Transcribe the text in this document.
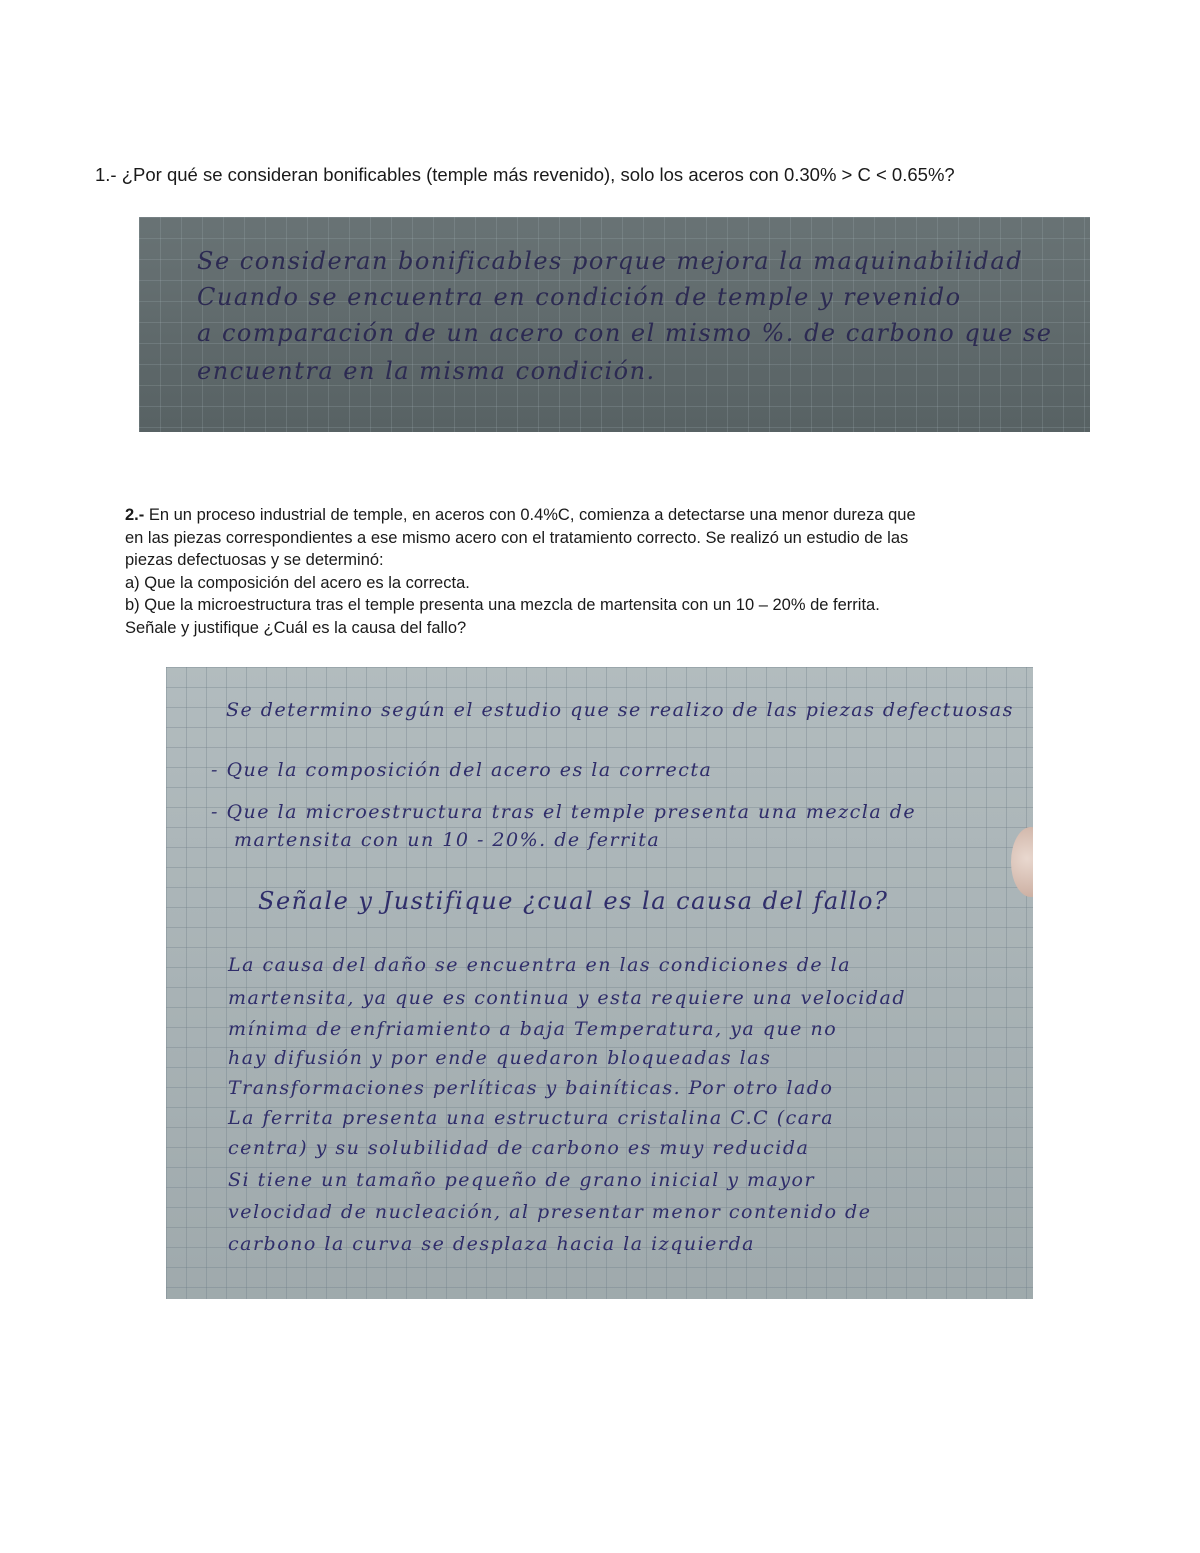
1.- ¿Por qué se consideran bonificables (temple más revenido), solo los aceros con 0.30% > C < 0.65%?

Se consideran bonificables porque mejora la maquinabilidad

Cuando se encuentra en condición de temple y revenido

a comparación de un acero con el mismo %. de carbono que se

encuentra en la misma condición.

2.- En un proceso industrial de temple, en aceros con 0.4%C, comienza a detectarse una menor dureza que
en las piezas correspondientes a ese mismo acero con el tratamiento correcto. Se realizó un estudio de las
piezas defectuosas y se determinó:
a) Que la composición del acero es la correcta.
b) Que la microestructura tras el temple presenta una mezcla de martensita con un 10 – 20% de ferrita.
Señale y justifique ¿Cuál es la causa del fallo?

Se determino según el estudio que se realizo de las piezas defectuosas

- Que la composición del acero es la correcta

- Que la microestructura tras el temple presenta una mezcla de

martensita con un 10 - 20%. de ferrita

Señale y Justifique ¿cual es la causa del fallo?

La causa del daño se encuentra en las condiciones de la

martensita, ya que es continua y esta requiere una velocidad

mínima de enfriamiento a baja Temperatura, ya que no

hay difusión y por ende quedaron bloqueadas las

Transformaciones perlíticas y bainíticas. Por otro lado

La ferrita presenta una estructura cristalina C.C (cara

centra) y su solubilidad de carbono es muy reducida

Si tiene un tamaño pequeño de grano inicial y mayor

velocidad de nucleación, al presentar menor contenido de

carbono la curva se desplaza hacia la izquierda
